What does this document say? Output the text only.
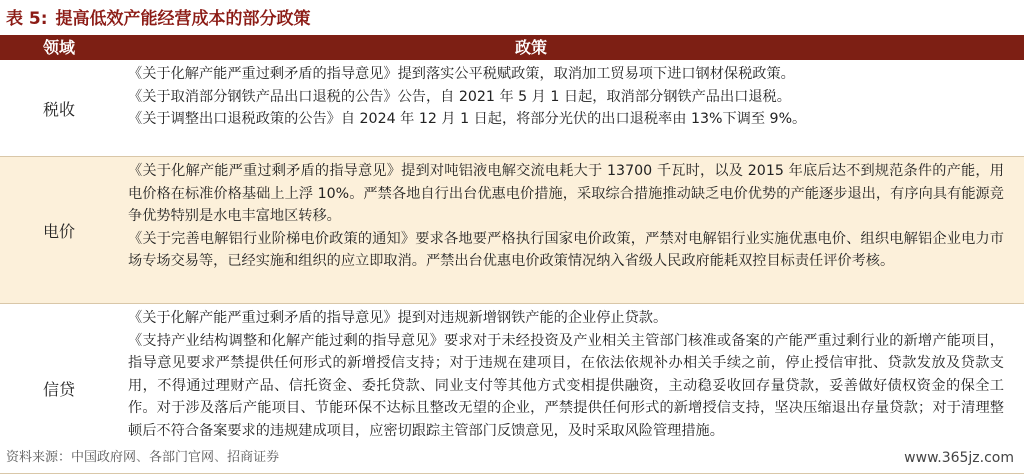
表 5: 提高低效产能经营成本的部分政策
领域	政策
税收

《关于化解产能严重过剩矛盾的指导意见》提到落实公平税赋政策，取消加工贸易项下进口钢材保税政策。

《关于取消部分钢铁产品出口退税的公告》公告，自 2021 年 5 月 1 日起，取消部分钢铁产品出口退税。

《关于调整出口退税政策的公告》自 2024 年 12 月 1 日起，将部分光伏的出口退税率由 13%下调至 9%。

电价

《关于化解产能严重过剩矛盾的指导意见》提到对吨铝液电解交流电耗大于 13700 千瓦时，以及 2015 年底后达不到规范条件的产能，用电价格在标准价格基础上上浮 10%。严禁各地自行出台优惠电价措施，采取综合措施推动缺乏电价优势的产能逐步退出，有序向具有能源竞争优势特别是水电丰富地区转移。

《关于完善电解铝行业阶梯电价政策的通知》要求各地要严格执行国家电价政策，严禁对电解铝行业实施优惠电价、组织电解铝企业电力市场专场交易等，已经实施和组织的应立即取消。严禁出台优惠电价政策情况纳入省级人民政府能耗双控目标责任评价考核。

信贷

《关于化解产能严重过剩矛盾的指导意见》提到对违规新增钢铁产能的企业停止贷款。

《支持产业结构调整和化解产能过剩的指导意见》要求对于未经投资及产业相关主管部门核准或备案的产能严重过剩行业的新增产能项目，指导意见要求严禁提供任何形式的新增授信支持；对于违规在建项目，在依法依规补办相关手续之前，停止授信审批、贷款发放及贷款支用，不得通过理财产品、信托资金、委托贷款、同业支付等其他方式变相提供融资，主动稳妥收回存量贷款，妥善做好债权资金的保全工作。对于涉及落后产能项目、节能环保不达标且整改无望的企业，严禁提供任何形式的新增授信支持，坚决压缩退出存量贷款；对于清理整顿后不符合备案要求的违规建成项目，应密切跟踪主管部门反馈意见，及时采取风险管理措施。

资料来源：中国政府网、各部门官网、招商证券	www.365jz.com
